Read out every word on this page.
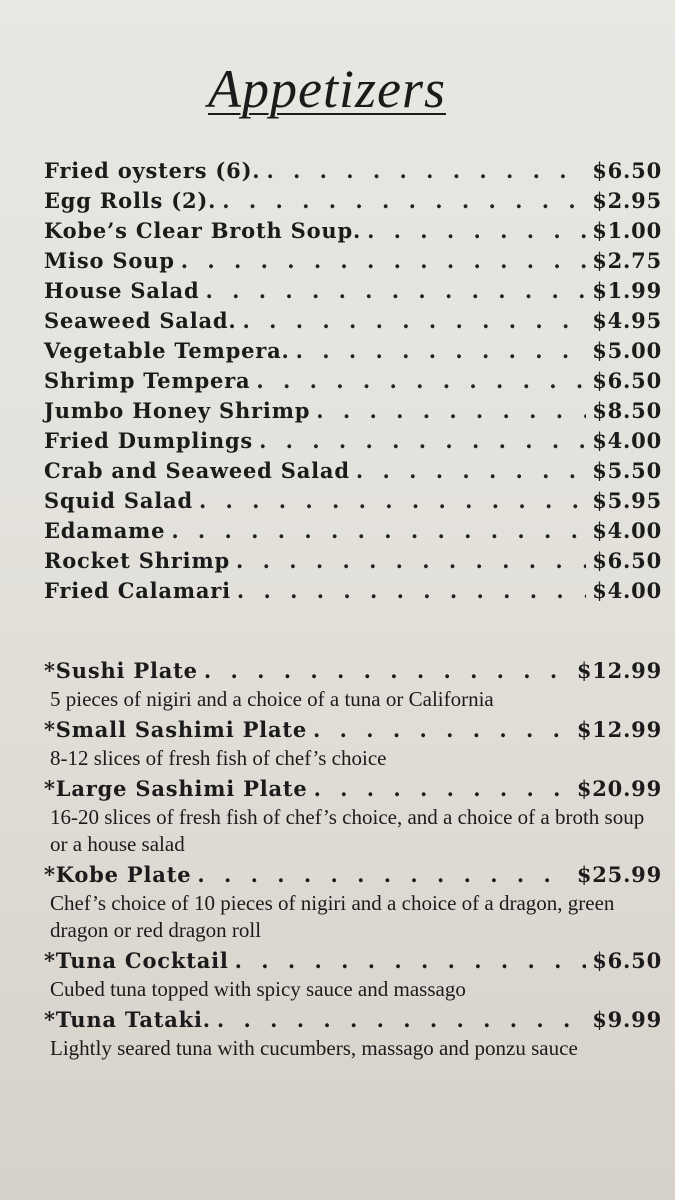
Appetizers
Fried oysters (6). . . .	$6.50
Egg Rolls (2). . . .	$2.95
Kobe’s Clear Broth Soup. . . .	$1.00
Miso Soup . . .	$2.75
House Salad . . .	$1.99
Seaweed Salad. . . .	$4.95
Vegetable Tempera. . . .	$5.00
Shrimp Tempera . . .	$6.50
Jumbo Honey Shrimp . . .	$8.50
Fried Dumplings . . .	$4.00
Crab and Seaweed Salad . . .	$5.50
Squid Salad . . .	$5.95
Edamame . . .	$4.00
Rocket Shrimp . . .	$6.50
Fried Calamari . . .	$4.00
*Sushi Plate . . .	$12.99
5 pieces of nigiri and a choice of a tuna or California
*Small Sashimi Plate . . .	$12.99
8-12 slices of fresh fish of chef’s choice
*Large Sashimi Plate . . .	$20.99
16-20 slices of fresh fish of chef’s choice, and a choice of a broth soup or a house salad
*Kobe Plate . . .	$25.99
Chef’s choice of 10 pieces of nigiri and a choice of a dragon, green dragon or red dragon roll
*Tuna Cocktail . . .	$6.50
Cubed tuna topped with spicy sauce and massago
*Tuna Tataki. . . .	$9.99
Lightly seared tuna with cucumbers, massago and ponzu sauce
